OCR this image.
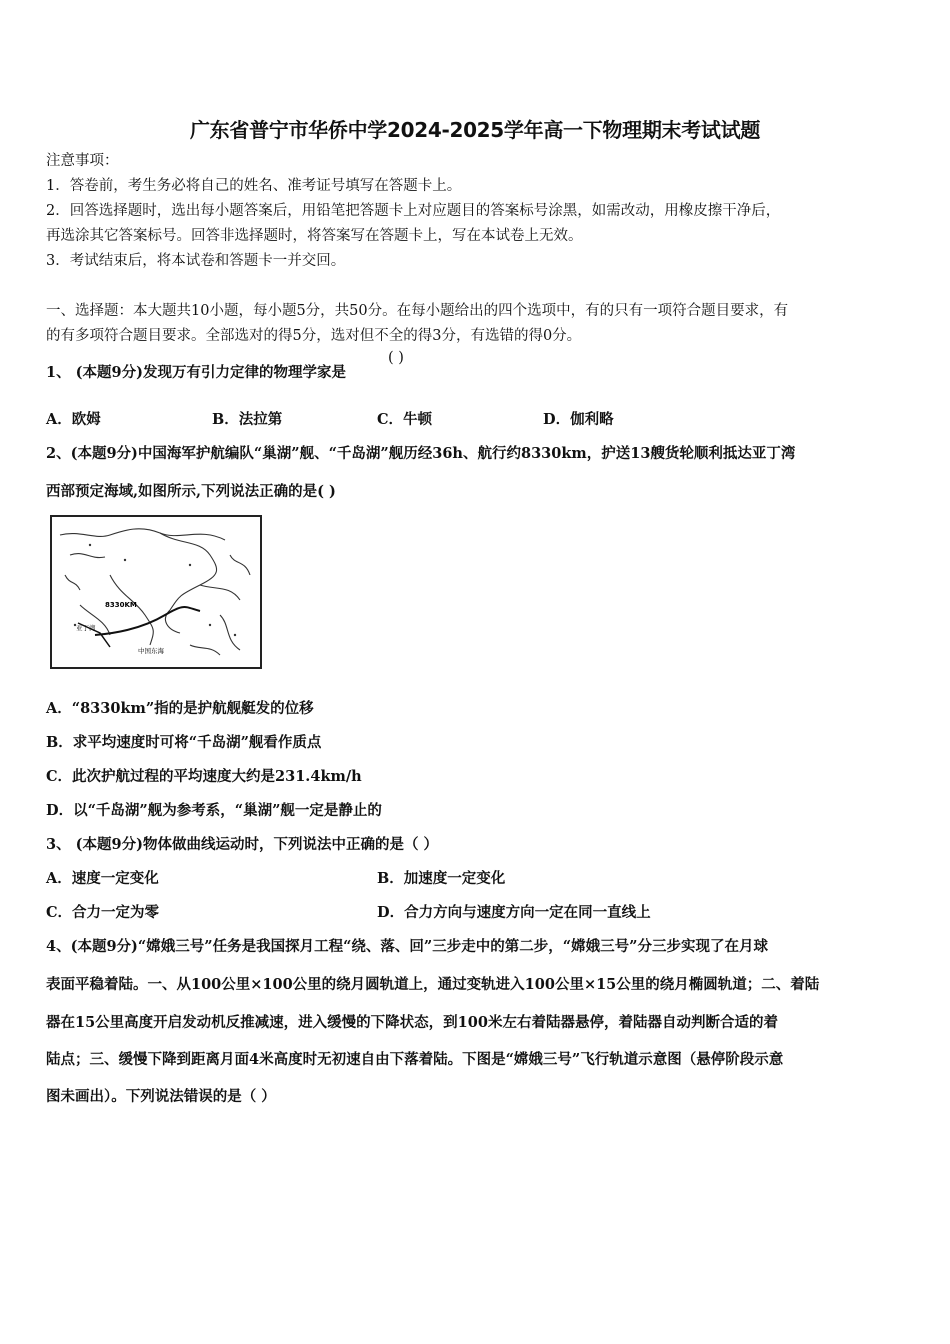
广东省普宁市华侨中学2024-2025学年高一下物理期末考试试题
注意事项：
1．答卷前，考生务必将自己的姓名、准考证号填写在答题卡上。
2．回答选择题时，选出每小题答案后，用铅笔把答题卡上对应题目的答案标号涂黑，如需改动，用橡皮擦干净后，
再选涂其它答案标号。回答非选择题时，将答案写在答题卡上，写在本试卷上无效。
3．考试结束后，将本试卷和答题卡一并交回。
一、选择题：本大题共10小题，每小题5分，共50分。在每小题给出的四个选项中，有的只有一项符合题目要求，有
的有多项符合题目要求。全部选对的得5分，选对但不全的得3分，有选错的得0分。
1、 (本题9分)发现万有引力定律的物理学家是
( )
A．欧姆	B．法拉第	C．牛顿	D．伽利略
2、(本题9分)中国海军护航编队“巢湖”舰、“千岛湖”舰历经36h、航行约8330km，护送13艘货轮顺利抵达亚丁湾
西部预定海域,如图所示,下列说法正确的是( )
8330KM
亚丁湾
中国东海
A．“8330km”指的是护航舰艇发的位移
B．求平均速度时可将“千岛湖”舰看作质点
C．此次护航过程的平均速度大约是231.4km/h
D．以“千岛湖”舰为参考系，“巢湖”舰一定是静止的
3、 (本题9分)物体做曲线运动时，下列说法中正确的是（ ）
A．速度一定变化	B．加速度一定变化
C．合力一定为零	D．合力方向与速度方向一定在同一直线上
4、(本题9分)“嫦娥三号”任务是我国探月工程“绕、落、回”三步走中的第二步，“嫦娥三号”分三步实现了在月球
表面平稳着陆。一、从100公里×100公里的绕月圆轨道上，通过变轨进入100公里×15公里的绕月椭圆轨道；二、着陆
器在15公里高度开启发动机反推减速，进入缓慢的下降状态，到100米左右着陆器悬停，着陆器自动判断合适的着
陆点；三、缓慢下降到距离月面4米高度时无初速自由下落着陆。下图是“嫦娥三号”飞行轨道示意图（悬停阶段示意
图未画出）。下列说法错误的是（ ）
